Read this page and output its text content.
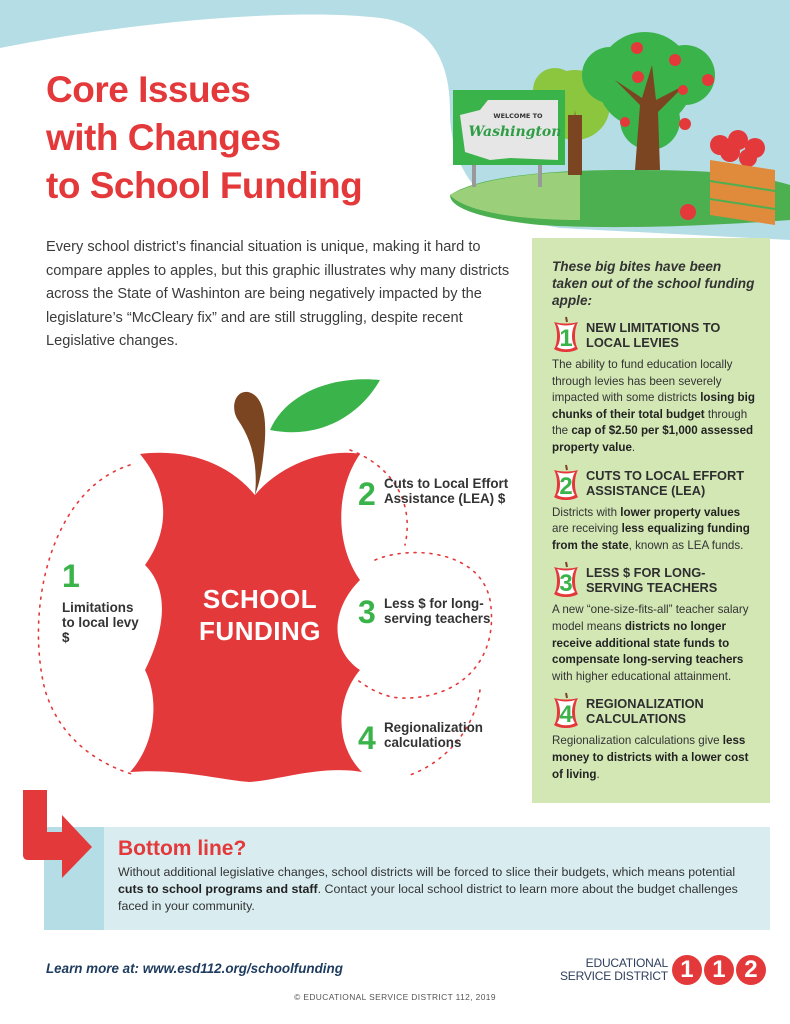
WELCOME TO
Washington
Core Issues
with Changes
to School Funding

Every school district’s financial situation is unique, making it hard to compare apples to apples, but this graphic illustrates why many districts across the State of Washinton are being negatively impacted by the legislature’s “McCleary fix” and are still struggling, despite recent Legislative changes.

SCHOOL
FUNDING
1
Limitations to local levy $
2 Cuts to Local Effort Assistance (LEA) $
3 Less $ for long-serving teachers
4 Regionalization calculations
These big bites have been taken out of the school funding apple:
1 NEW LIMITATIONS TO LOCAL LEVIES
The ability to fund education locally through levies has been severely impacted with some districts losing big chunks of their total budget through the cap of $2.50 per $1,000 assessed property value.
2 CUTS TO LOCAL EFFORT ASSISTANCE (LEA)
Districts with lower property values are receiving less equalizing funding from the state, known as LEA funds.
3 LESS $ FOR LONG-SERVING TEACHERS
A new “one-size-fits-all” teacher salary model means districts no longer receive additional state funds to compensate long-serving teachers with higher educational attainment.
4 REGIONALIZATION CALCULATIONS
Regionalization calculations give less money to districts with a lower cost of living.
Bottom line?
Without additional legislative changes, school districts will be forced to slice their budgets, which means potential cuts to school programs and staff. Contact your local school district to learn more about the budget challenges faced in your community.
Learn more at: www.esd112.org/schoolfunding
© EDUCATIONAL SERVICE DISTRICT 112, 2019
EDUCATIONAL
SERVICE DISTRICT 1 1 2
